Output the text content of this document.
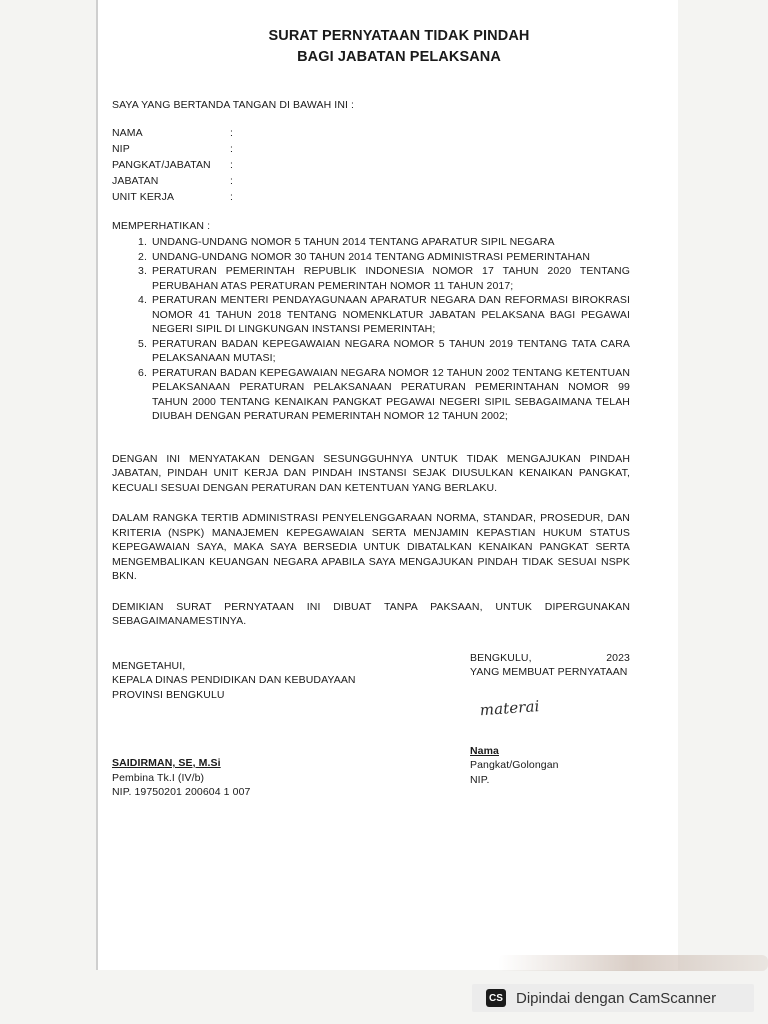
SURAT PERNYATAAN TIDAK PINDAH
BAGI JABATAN PELAKSANA
SAYA YANG BERTANDA TANGAN DI BAWAH INI :
NAMA	:
NIP	:
PANGKAT/JABATAN	:
JABATAN	:
UNIT KERJA	:
MEMPERHATIKAN :
1. UNDANG-UNDANG NOMOR 5 TAHUN 2014 TENTANG APARATUR SIPIL NEGARA
2. UNDANG-UNDANG NOMOR 30 TAHUN 2014 TENTANG ADMINISTRASI PEMERINTAHAN
3. PERATURAN PEMERINTAH REPUBLIK INDONESIA NOMOR 17 TAHUN 2020 TENTANG PERUBAHAN ATAS PERATURAN PEMERINTAH NOMOR 11 TAHUN 2017;
4. PERATURAN MENTERI PENDAYAGUNAAN APARATUR NEGARA DAN REFORMASI BIROKRASI NOMOR 41 TAHUN 2018 TENTANG NOMENKLATUR JABATAN PELAKSANA BAGI PEGAWAI NEGERI SIPIL DI LINGKUNGAN INSTANSI PEMERINTAH;
5. PERATURAN BADAN KEPEGAWAIAN NEGARA NOMOR 5 TAHUN 2019 TENTANG TATA CARA PELAKSANAAN MUTASI;
6. PERATURAN BADAN KEPEGAWAIAN NEGARA NOMOR 12 TAHUN 2002 TENTANG KETENTUAN PELAKSANAAN PERATURAN PELAKSANAAN PERATURAN PEMERINTAHAN NOMOR 99 TAHUN 2000 TENTANG KENAIKAN PANGKAT PEGAWAI NEGERI SIPIL SEBAGAIMANA TELAH DIUBAH DENGAN PERATURAN PEMERINTAH NOMOR 12 TAHUN 2002;
DENGAN INI MENYATAKAN DENGAN SESUNGGUHNYA UNTUK TIDAK MENGAJUKAN PINDAH JABATAN, PINDAH UNIT KERJA DAN PINDAH INSTANSI SEJAK DIUSULKAN KENAIKAN PANGKAT, KECUALI SESUAI DENGAN PERATURAN DAN KETENTUAN YANG BERLAKU.
DALAM RANGKA TERTIB ADMINISTRASI PENYELENGGARAAN NORMA, STANDAR, PROSEDUR, DAN KRITERIA (NSPK) MANAJEMEN KEPEGAWAIAN SERTA MENJAMIN KEPASTIAN HUKUM STATUS KEPEGAWAIAN SAYA, MAKA SAYA BERSEDIA UNTUK DIBATALKAN KENAIKAN PANGKAT SERTA MENGEMBALIKAN KEUANGAN NEGARA APABILA SAYA MENGAJUKAN PINDAH TIDAK SESUAI NSPK BKN.
DEMIKIAN SURAT PERNYATAAN INI DIBUAT TANPA PAKSAAN, UNTUK DIPERGUNAKAN SEBAGAIMANAMESTINYA.
MENGETAHUI,
KEPALA DINAS PENDIDIKAN DAN KEBUDAYAAN
PROVINSI BENGKULU
SAIDIRMAN, SE, M.Si
Pembina Tk.I (IV/b)
NIP. 19750201 200604 1 007
BENGKULU,	2023
YANG MEMBUAT PERNYATAAN
materai
Nama
Pangkat/Golongan
NIP.
CS Dipindai dengan CamScanner
